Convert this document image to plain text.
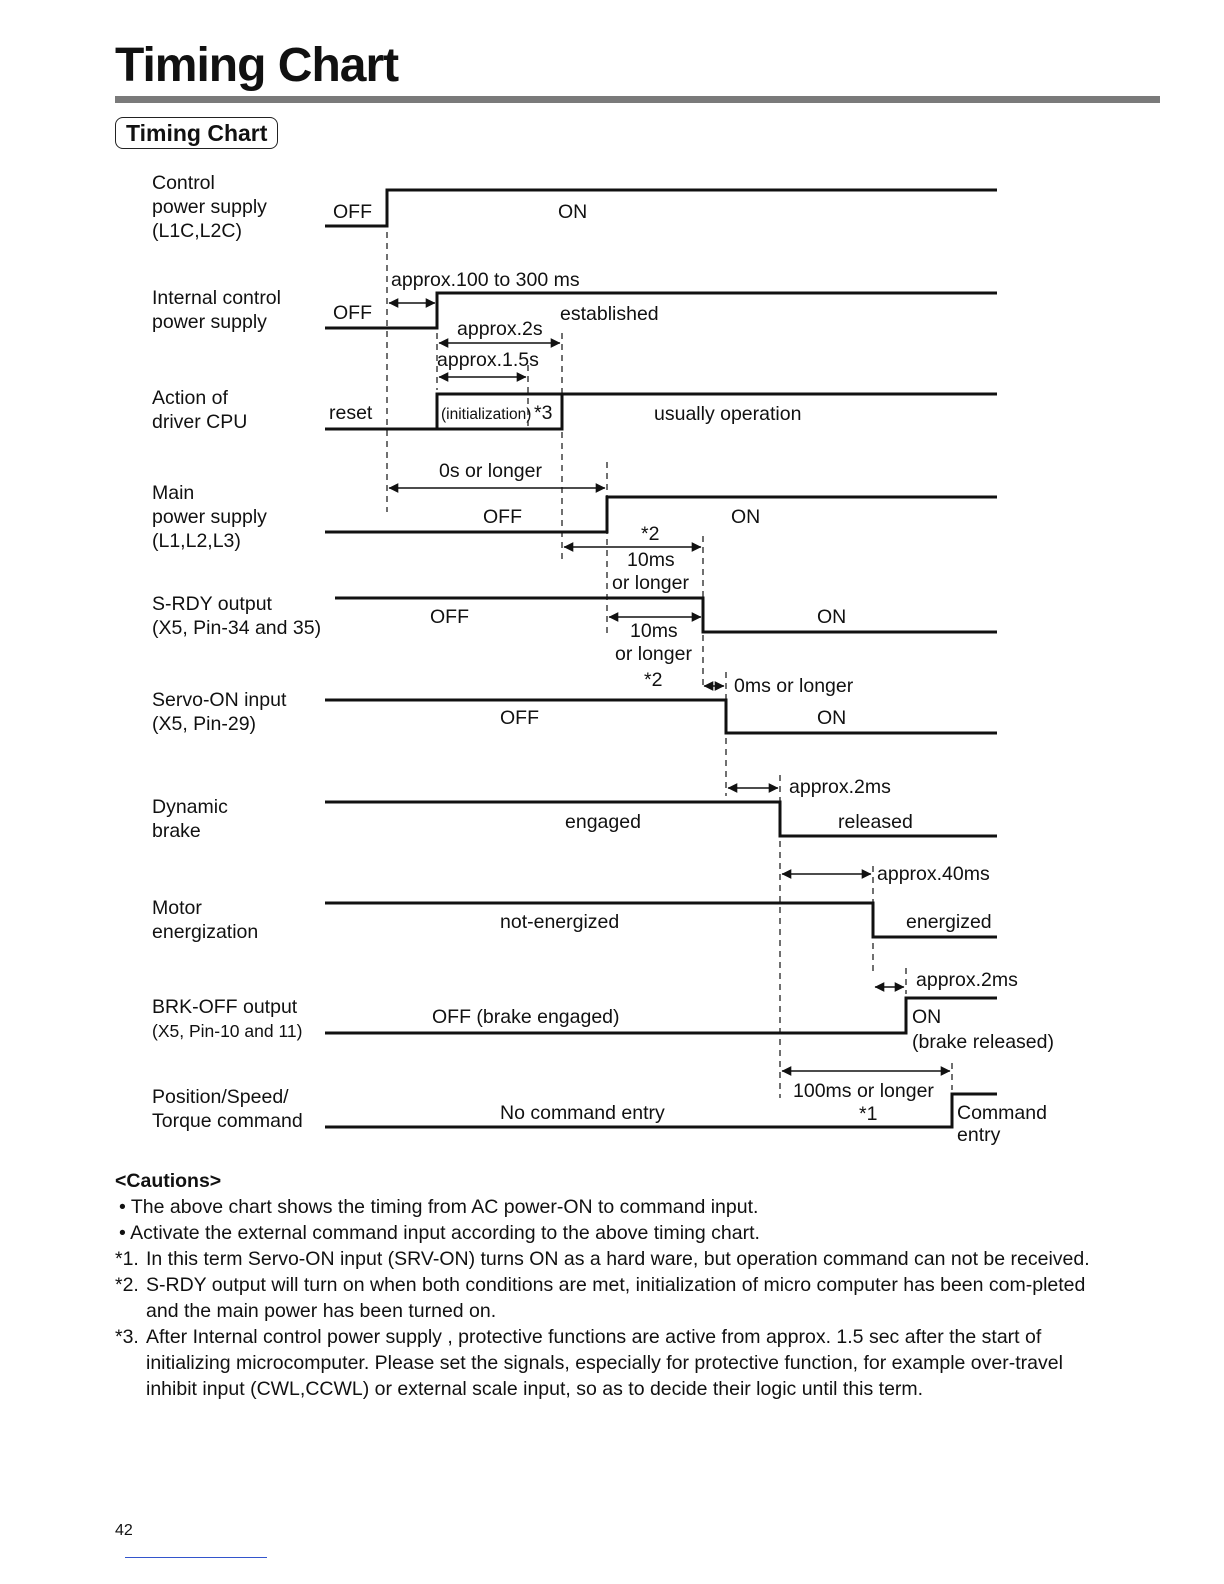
Timing Chart
Timing Chart
Control power supply (L1C,L2C)
Internal control power supply
Action of driver CPU
Main power supply (L1,L2,L3)
S-RDY output (X5, Pin-34 and 35)
Servo-ON input (X5, Pin-29)
Dynamic brake
Motor energization
BRK-OFF output (X5, Pin-10 and 11)
Position/Speed/ Torque command
OFF	ON
OFF	established
reset	(initialization) *3	usually operation
OFF	ON
OFF	ON
OFF	ON
engaged	released
not-energized	energized
OFF (brake engaged)	ON (brake released)
No command entry	Command entry
approx.100 to 300 ms
approx.2s
approx.1.5s
0s or longer
*2
10ms or longer
10ms or longer *2	0ms or longer
approx.2ms
approx.40ms
approx.2ms
100ms or longer
*1
<Cautions>
• The above chart shows the timing from AC power-ON to command input.
• Activate the external command input according to the above timing chart.
*1. In this term Servo-ON input (SRV-ON) turns ON as a hard ware, but operation command can not be received.
*2. S-RDY output will turn on when both conditions are met, initialization of micro computer has been com-pleted and the main power has been turned on.
*3. After Internal control power supply , protective functions are active from approx. 1.5 sec after the start of initializing microcomputer. Please set the signals, especially for protective function, for example over-travel inhibit input (CWL,CCWL) or external scale input, so as to decide their logic until this term.
42
